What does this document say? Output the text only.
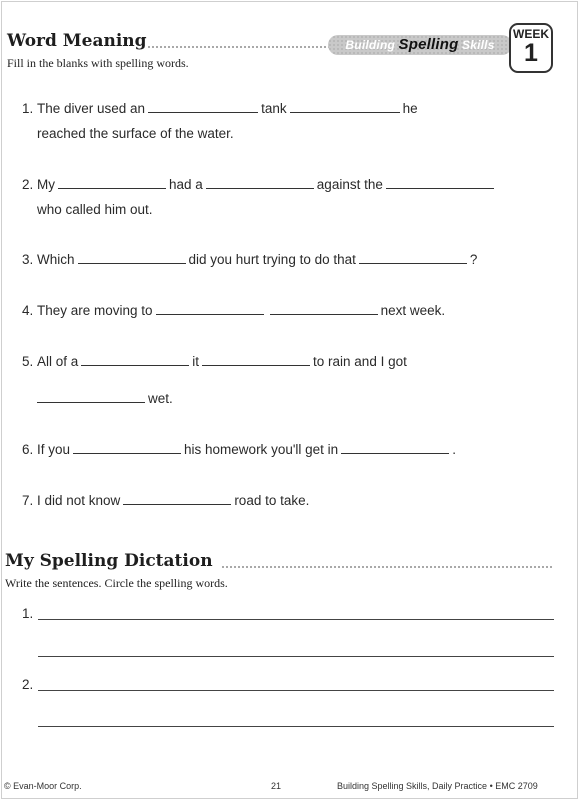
Word Meaning	Building Spelling Skills
WEEK
1
Fill in the blanks with spelling words.
1. The diver used an	tank	he
reached the surface of the water.
2. My	had a	against the
who called him out.
3. Which	did you hurt trying to do that	?
4. They are moving to	next week.
5. All of a	it	to rain and I got
wet.
6. If you	his homework you'll get in	.
7. I did not know	road to take.
My Spelling Dictation
Write the sentences. Circle the spelling words.
1.
2.
© Evan-Moor Corp.	21	Building Spelling Skills, Daily Practice • EMC 2709
